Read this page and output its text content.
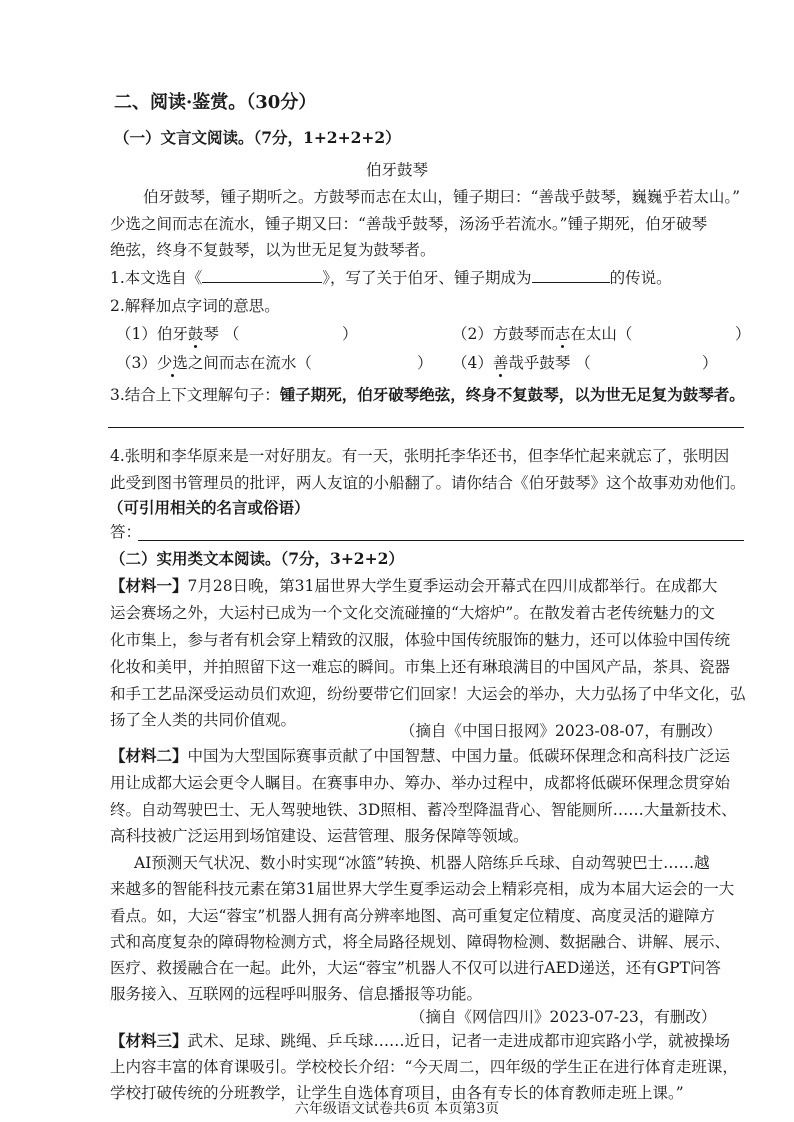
二、阅读·鉴赏。（30分）
（一）文言文阅读。（7分，1+2+2+2）
伯牙鼓琴
伯牙鼓琴，锺子期听之。方鼓琴而志在太山，锺子期曰：“善哉乎鼓琴，巍巍乎若太山。”
少选之间而志在流水，锺子期又曰：“善哉乎鼓琴，汤汤乎若流水。”锺子期死，伯牙破琴
绝弦，终身不复鼓琴，以为世无足复为鼓琴者。
1.本文选自《	》，写了关于伯牙、锺子期成为	的传说。
2.解释加点字词的意思。
（1）伯牙鼓琴 （	）	（2）方鼓琴而志在太山（	）
（3）少选之间而志在流水（	） （4）善哉乎鼓琴 （	）
3.结合上下文理解句子：锺子期死，伯牙破琴绝弦，终身不复鼓琴，以为世无足复为鼓琴者。
4.张明和李华原来是一对好朋友。有一天，张明托李华还书，但李华忙起来就忘了，张明因
此受到图书管理员的批评，两人友谊的小船翻了。请你结合《伯牙鼓琴》这个故事劝劝他们。
（可引用相关的名言或俗语）
答：
（二）实用类文本阅读。（7分，3+2+2）
【材料一】7月28日晚，第31届世界大学生夏季运动会开幕式在四川成都举行。在成都大
运会赛场之外，大运村已成为一个文化交流碰撞的“大熔炉”。在散发着古老传统魅力的文
化市集上，参与者有机会穿上精致的汉服，体验中国传统服饰的魅力，还可以体验中国传统
化妆和美甲，并拍照留下这一难忘的瞬间。市集上还有琳琅满目的中国风产品，茶具、瓷器
和手工艺品深受运动员们欢迎，纷纷要带它们回家！大运会的举办，大力弘扬了中华文化，弘
扬了全人类的共同价值观。
（摘自《中国日报网》2023-08-07，有删改）
【材料二】中国为大型国际赛事贡献了中国智慧、中国力量。低碳环保理念和高科技广泛运
用让成都大运会更令人瞩目。在赛事申办、筹办、举办过程中，成都将低碳环保理念贯穿始
终。自动驾驶巴士、无人驾驶地铁、3D照相、蓄冷型降温背心、智能厕所……大量新技术、
高科技被广泛运用到场馆建设、运营管理、服务保障等领域。
AI预测天气状况、数小时实现“冰篮”转换、机器人陪练乒乓球、自动驾驶巴士……越
来越多的智能科技元素在第31届世界大学生夏季运动会上精彩亮相，成为本届大运会的一大
看点。如，大运“蓉宝”机器人拥有高分辨率地图、高可重复定位精度、高度灵活的避障方
式和高度复杂的障碍物检测方式，将全局路径规划、障碍物检测、数据融合、讲解、展示、
医疗、救援融合在一起。此外，大运“蓉宝”机器人不仅可以进行AED递送，还有GPT问答
服务接入、互联网的远程呼叫服务、信息播报等功能。
（摘自《网信四川》2023-07-23，有删改）
【材料三】武术、足球、跳绳、乒乓球……近日，记者一走进成都市迎宾路小学，就被操场
上内容丰富的体育课吸引。学校校长介绍：“今天周二，四年级的学生正在进行体育走班课，
学校打破传统的分班教学，让学生自选体育项目，由各有专长的体育教师走班上课。”
六年级语文试卷共6页 本页第3页
